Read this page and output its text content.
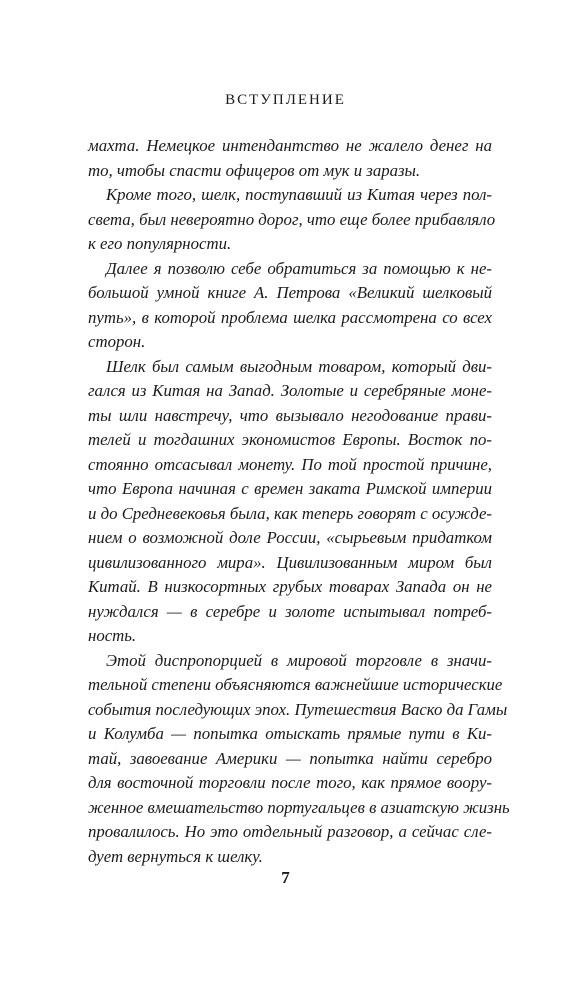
ВСТУПЛЕНИЕ
махта. Немецкое интендантство не жалело денег на
то, чтобы спасти офицеров от мук и заразы.
Кроме того, шелк, поступавший из Китая через пол-
света, был невероятно дорог, что еще более прибавляло
к его популярности.
Далее я позволю себе обратиться за помощью к не-
большой умной книге А. Петрова «Великий шелковый
путь», в которой проблема шелка рассмотрена со всех
сторон.
Шелк был самым выгодным товаром, который дви-
гался из Китая на Запад. Золотые и серебряные моне-
ты шли навстречу, что вызывало негодование прави-
телей и тогдашних экономистов Европы. Восток по-
стоянно отсасывал монету. По той простой причине,
что Европа начиная с времен заката Римской империи
и до Средневековья была, как теперь говорят с осужде-
нием о возможной доле России, «сырьевым придатком
цивилизованного мира». Цивилизованным миром был
Китай. В низкосортных грубых товарах Запада он не
нуждался — в серебре и золоте испытывал потреб-
ность.
Этой диспропорцией в мировой торговле в значи-
тельной степени объясняются важнейшие исторические
события последующих эпох. Путешествия Васко да Гамы
и Колумба — попытка отыскать прямые пути в Ки-
тай, завоевание Америки — попытка найти серебро
для восточной торговли после того, как прямое воору-
женное вмешательство португальцев в азиатскую жизнь
провалилось. Но это отдельный разговор, а сейчас сле-
дует вернуться к шелку.
7
